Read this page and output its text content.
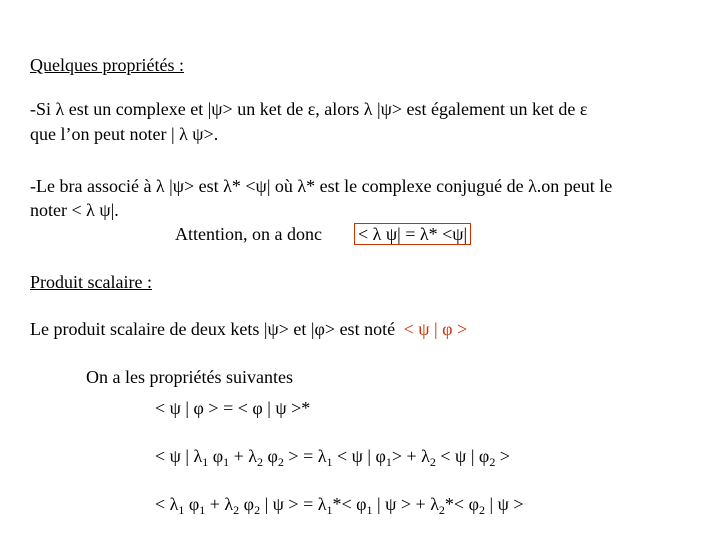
Quelques propriétés :
-Si λ est un complexe et |ψ> un ket de ε, alors λ |ψ> est également un ket de ε
que l’on peut noter | λ ψ>.
-Le bra associé à λ |ψ> est λ* <ψ| où λ* est le complexe conjugué de λ.on peut le
noter < λ ψ|.
Attention, on a donc < λ ψ| = λ* <ψ|
Produit scalaire :
Le produit scalaire de deux kets |ψ> et |φ> est noté < ψ | φ >
On a les propriétés suivantes
< ψ | φ > = < φ | ψ >*
< ψ | $\lambda_1$ $\varphi_1 + \lambda_2$ $\varphi_2$ > = $\lambda_1 < \psi$ | $\varphi_1> + \lambda_2 < \psi$ | $\varphi_2$ >
< $\lambda_1$ $\varphi_1 + \lambda_2$ $\varphi_2$ | ψ > = $\lambda_1*< \varphi_1$ | ψ > + $\lambda_2*< \varphi_2$ | ψ >
